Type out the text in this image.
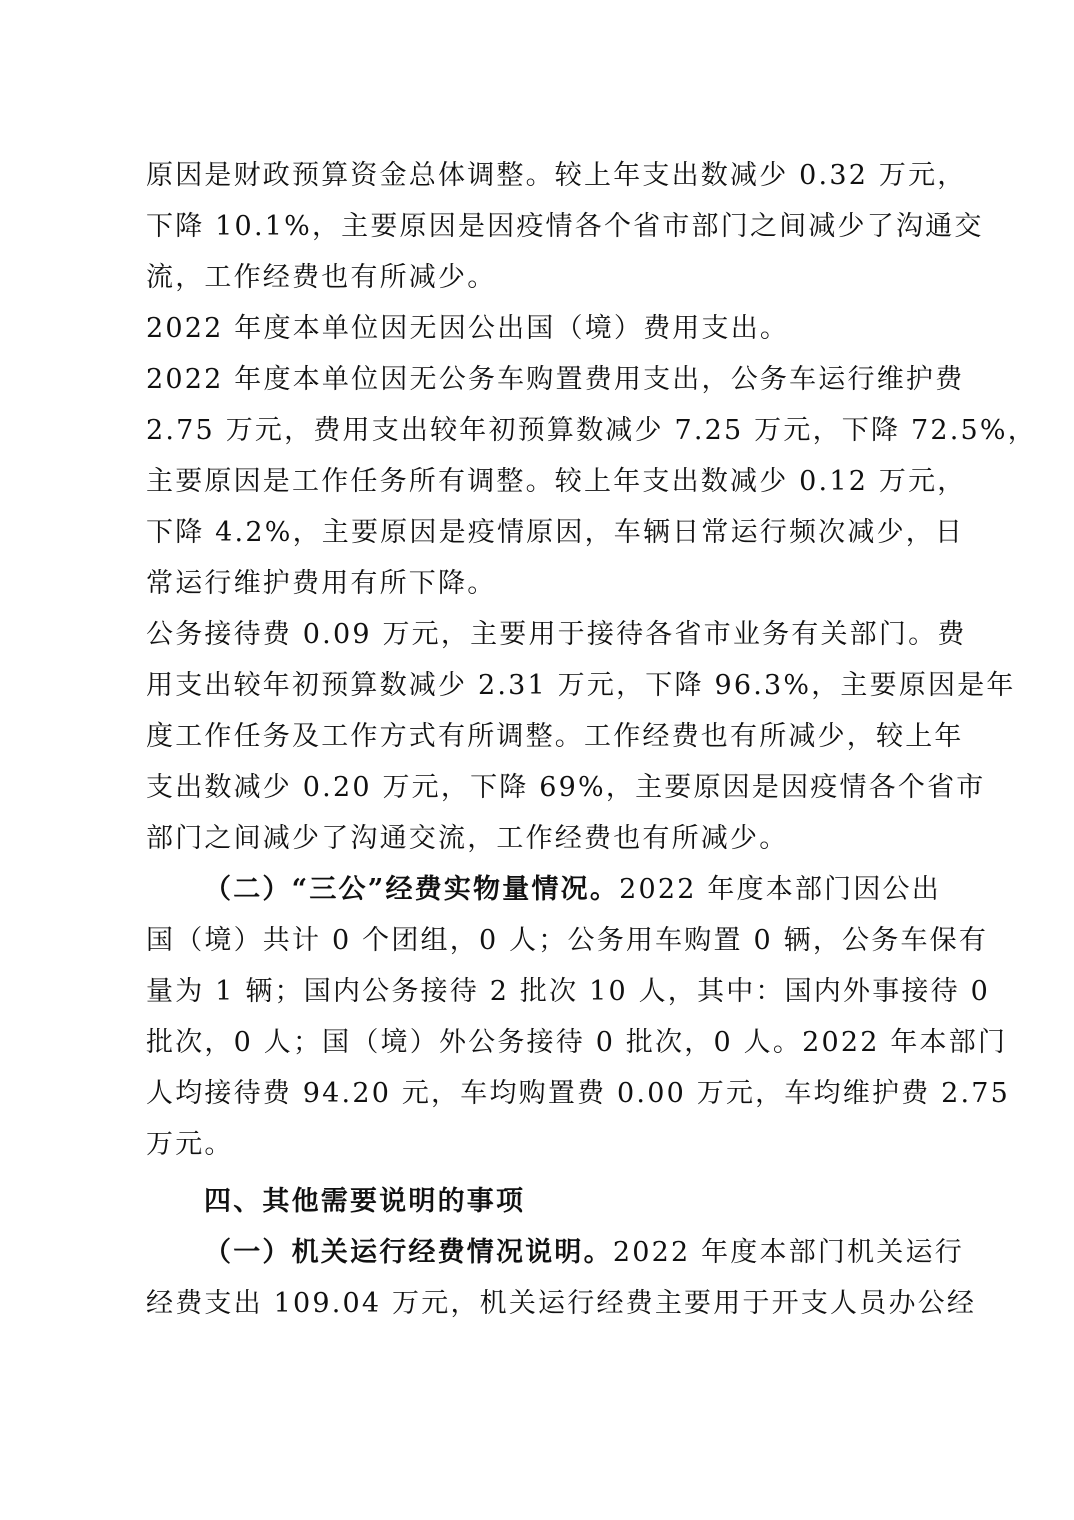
原因是财政预算资金总体调整。较上年支出数减少 0.32 万元，
下降 10.1%，主要原因是因疫情各个省市部门之间减少了沟通交
流，工作经费也有所减少。
2022 年度本单位因无因公出国（境）费用支出。
2022 年度本单位因无公务车购置费用支出，公务车运行维护费
2.75 万元，费用支出较年初预算数减少 7.25 万元，下降 72.5%，
主要原因是工作任务所有调整。较上年支出数减少 0.12 万元，
下降 4.2%，主要原因是疫情原因，车辆日常运行频次减少，日
常运行维护费用有所下降。
公务接待费 0.09 万元，主要用于接待各省市业务有关部门。费
用支出较年初预算数减少 2.31 万元，下降 96.3%，主要原因是年
度工作任务及工作方式有所调整。工作经费也有所减少，较上年
支出数减少 0.20 万元，下降 69%，主要原因是因疫情各个省市
部门之间减少了沟通交流，工作经费也有所减少。
（二）“三公”经费实物量情况。2022 年度本部门因公出
国（境）共计 0 个团组，0 人；公务用车购置 0 辆，公务车保有
量为 1 辆；国内公务接待 2 批次 10 人，其中：国内外事接待 0
批次，0 人；国（境）外公务接待 0 批次，0 人。2022 年本部门
人均接待费 94.20 元，车均购置费 0.00 万元，车均维护费 2.75
万元。
四、其他需要说明的事项
（一）机关运行经费情况说明。2022 年度本部门机关运行
经费支出 109.04 万元，机关运行经费主要用于开支人员办公经
